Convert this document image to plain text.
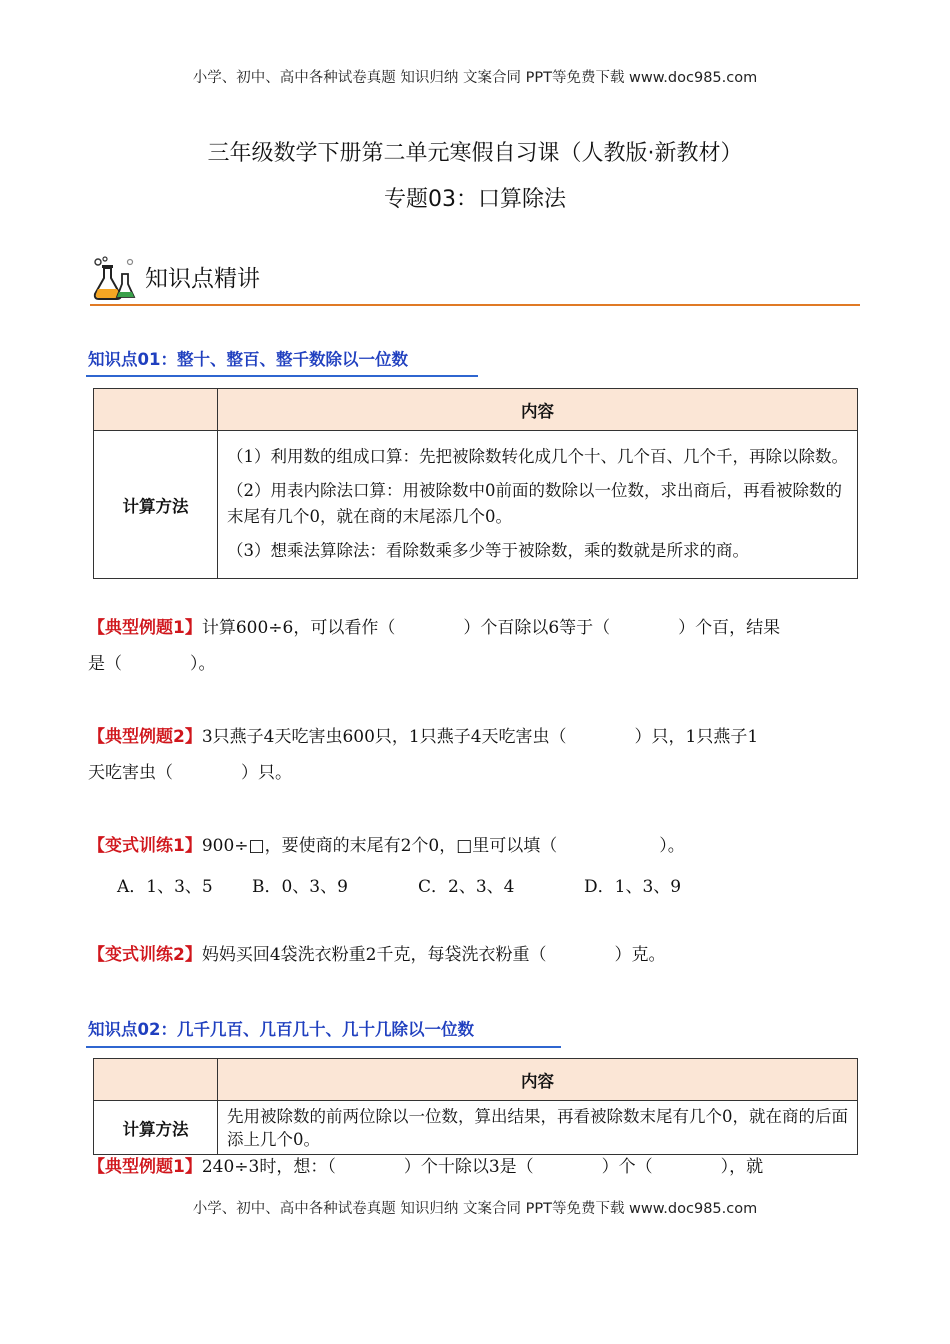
小学、初中、高中各种试卷真题 知识归纳 文案合同 PPT等免费下载 www.doc985.com
三年级数学下册第二单元寒假自习课（人教版·新教材）
专题03：口算除法
知识点精讲
知识点01：整十、整百、整千数除以一位数
	内容
计算方法	（1）利用数的组成口算：先把被除数转化成几个十、几个百、几个千，再除以除数。
（2）用表内除法口算：用被除数中0前面的数除以一位数，求出商后，再看被除数的末尾有几个0，就在商的末尾添几个0。
（3）想乘法算除法：看除数乘多少等于被除数，乘的数就是所求的商。
【典型例题1】计算600÷6，可以看作（　　　　）个百除以6等于（　　　　）个百，结果
是（　　　　）。
【典型例题2】3只燕子4天吃害虫600只，1只燕子4天吃害虫（　　　　）只，1只燕子1
天吃害虫（　　　　）只。
【变式训练1】900÷□，要使商的末尾有2个0，□里可以填（　　　　　　）。
A．1、3、5 B．0、3、9	C．2、3、4	D．1、3、9
【变式训练2】妈妈买回4袋洗衣粉重2千克，每袋洗衣粉重（　　　　）克。
知识点02：几千几百、几百几十、几十几除以一位数
	内容
计算方法	先用被除数的前两位除以一位数，算出结果，再看被除数末尾有几个0，就在商的后面添上几个0。
【典型例题1】240÷3时，想：（　　　　）个十除以3是（　　　　）个（　　　　），就
小学、初中、高中各种试卷真题 知识归纳 文案合同 PPT等免费下载 www.doc985.com
